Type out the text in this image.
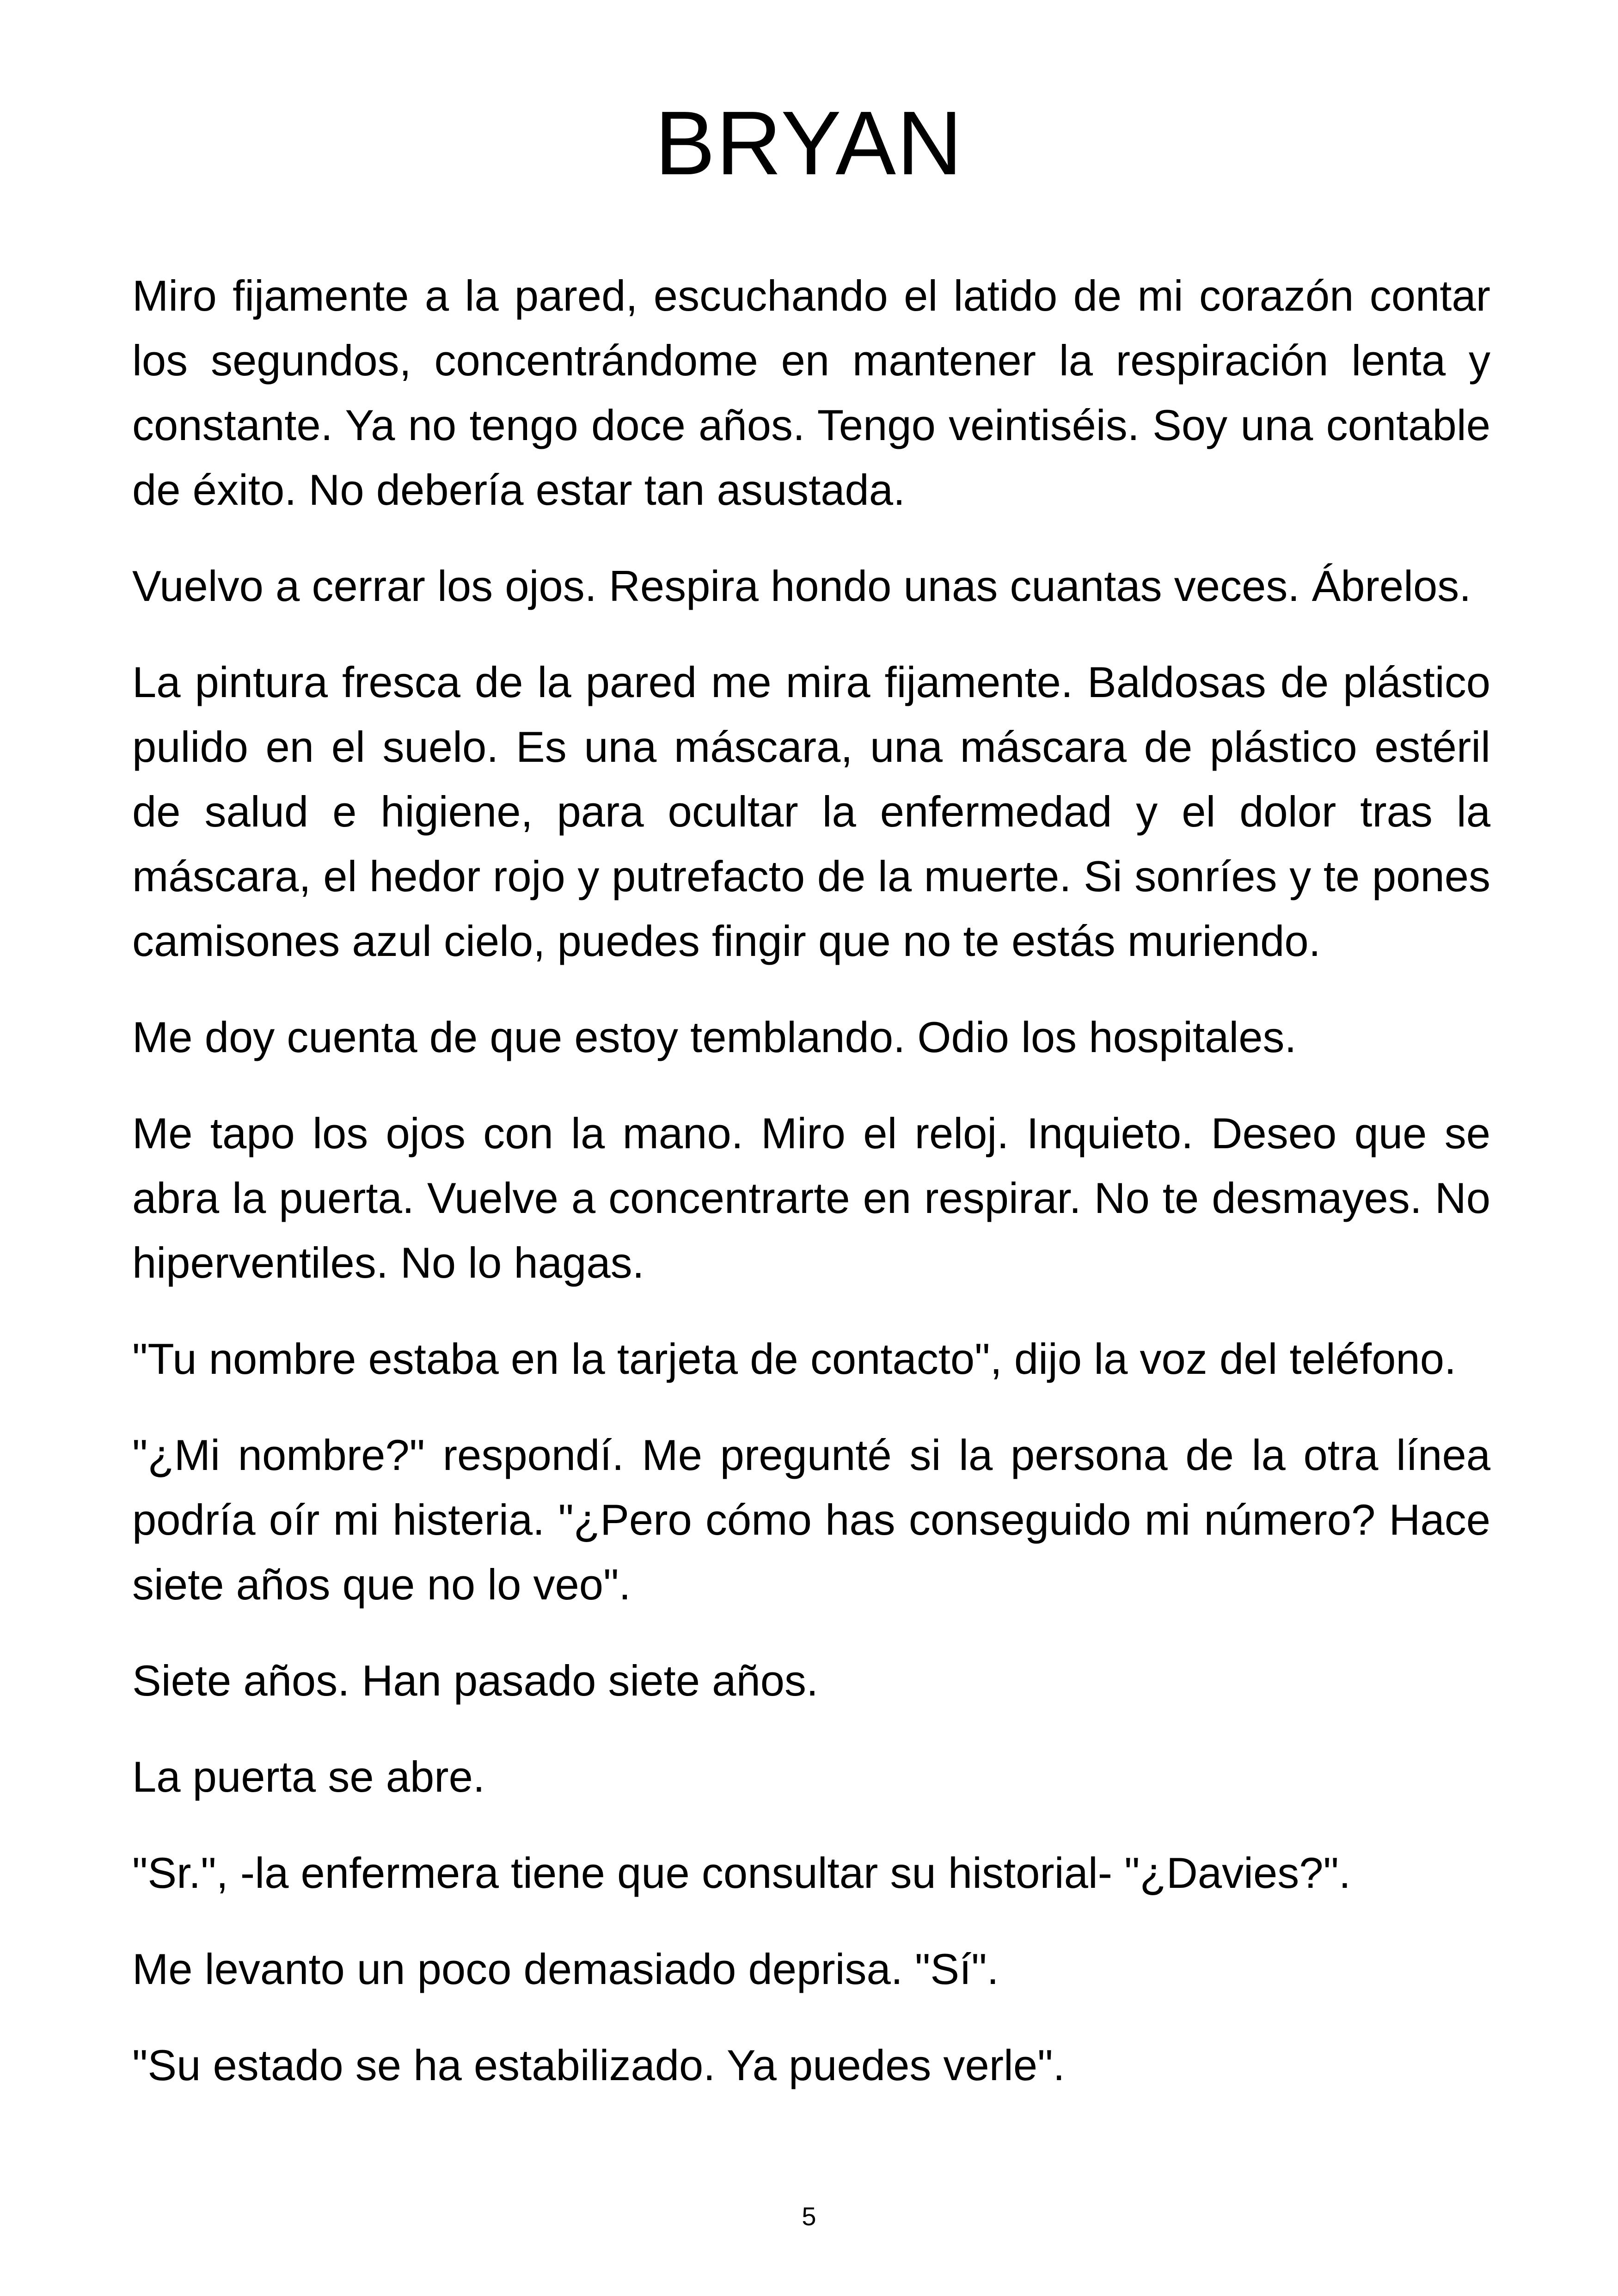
BRYAN

Miro fijamente a la pared, escuchando el latido de mi corazón contar los segundos, concentrándome en mantener la respiración lenta y constante. Ya no tengo doce años. Tengo veintiséis. Soy una contable de éxito. No debería estar tan asustada.

Vuelvo a cerrar los ojos. Respira hondo unas cuantas veces. Ábrelos.

La pintura fresca de la pared me mira fijamente. Baldosas de plástico pulido en el suelo. Es una máscara, una máscara de plástico estéril de salud e higiene, para ocultar la enfermedad y el dolor tras la máscara, el hedor rojo y putrefacto de la muerte. Si sonríes y te pones camisones azul cielo, puedes fingir que no te estás muriendo.

Me doy cuenta de que estoy temblando. Odio los hospitales.

Me tapo los ojos con la mano. Miro el reloj. Inquieto. Deseo que se abra la puerta. Vuelve a concentrarte en respirar. No te desmayes. No hiperventiles. No lo hagas.

"Tu nombre estaba en la tarjeta de contacto", dijo la voz del teléfono.

"¿Mi nombre?" respondí. Me pregunté si la persona de la otra línea podría oír mi histeria. "¿Pero cómo has conseguido mi número? Hace siete años que no lo veo".

Siete años. Han pasado siete años.

La puerta se abre.

"Sr.", -la enfermera tiene que consultar su historial- "¿Davies?".

Me levanto un poco demasiado deprisa. "Sí".

"Su estado se ha estabilizado. Ya puedes verle".

5
